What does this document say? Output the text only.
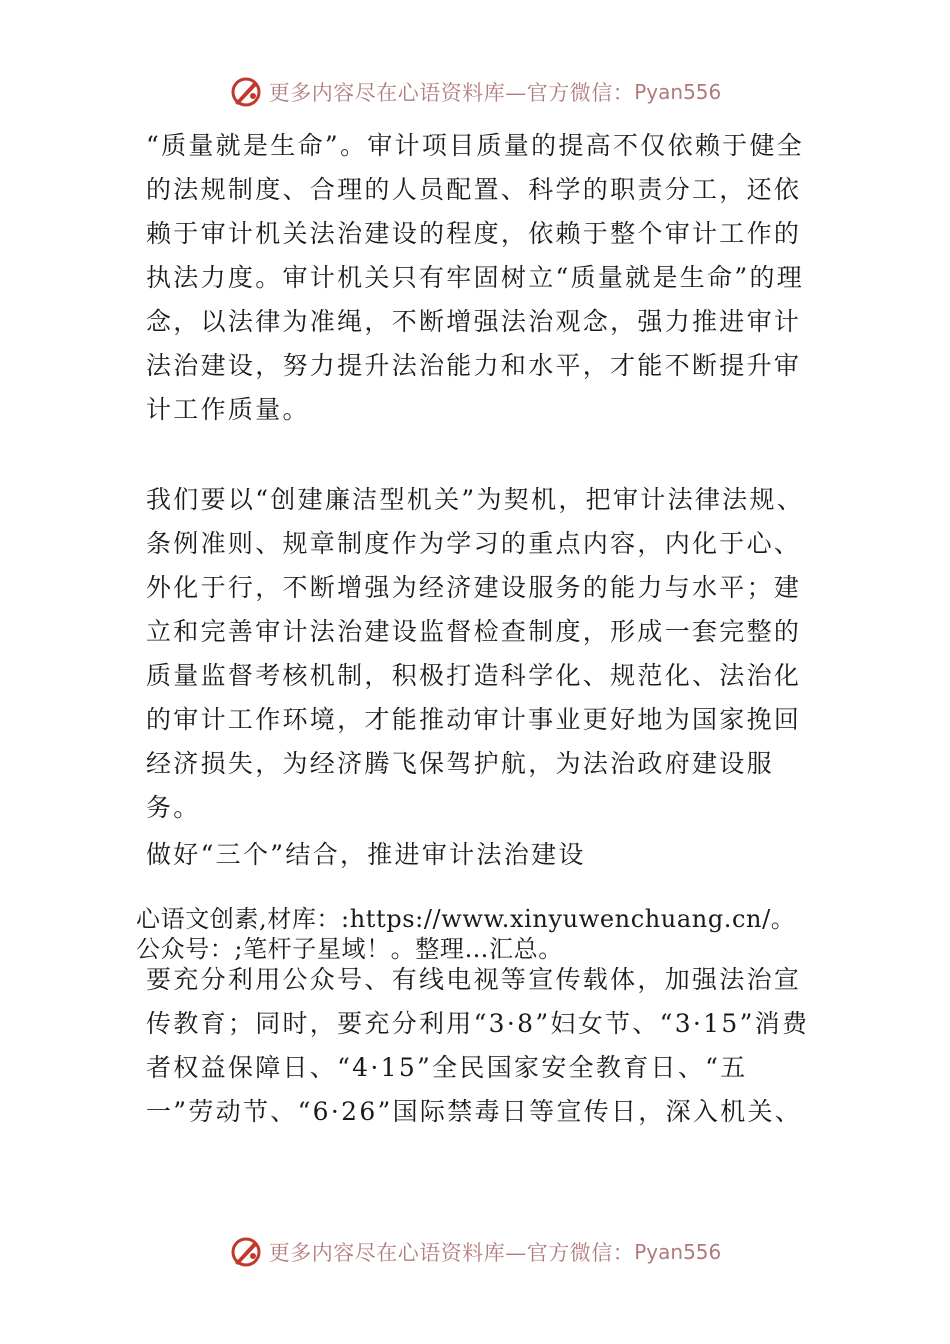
更多内容尽在心语资料库—官方微信： Pyan556

“质量就是生命”。审计项目质量的提高不仅依赖于健全的法规制度、合理的人员配置、科学的职责分工，还依赖于审计机关法治建设的程度，依赖于整个审计工作的执法力度。审计机关只有牢固树立“质量就是生命”的理念，以法律为准绳，不断增强法治观念，强力推进审计法治建设，努力提升法治能力和水平，才能不断提升审计工作质量。

我们要以“创建廉洁型机关”为契机，把审计法律法规、条例准则、规章制度作为学习的重点内容，内化于心、外化于行，不断增强为经济建设服务的能力与水平；建立和完善审计法治建设监督检查制度，形成一套完整的质量监督考核机制，积极打造科学化、规范化、法治化的审计工作环境，才能推动审计事业更好地为国家挽回经济损失，为经济腾飞保驾护航，为法治政府建设服务。

做好“三个”结合，推进审计法治建设

心语文创素,材库：:https://www.xinyuwenchuang.cn/。

公众号：;笔杆子星域！。整理…汇总。

要充分利用公众号、有线电视等宣传载体，加强法治宣传教育；同时，要充分利用“3·8”妇女节、“3·15”消费者权益保障日、“4·15”全民国家安全教育日、“五一”劳动节、“6·26”国际禁毒日等宣传日，深入机关、

更多内容尽在心语资料库—官方微信： Pyan556
